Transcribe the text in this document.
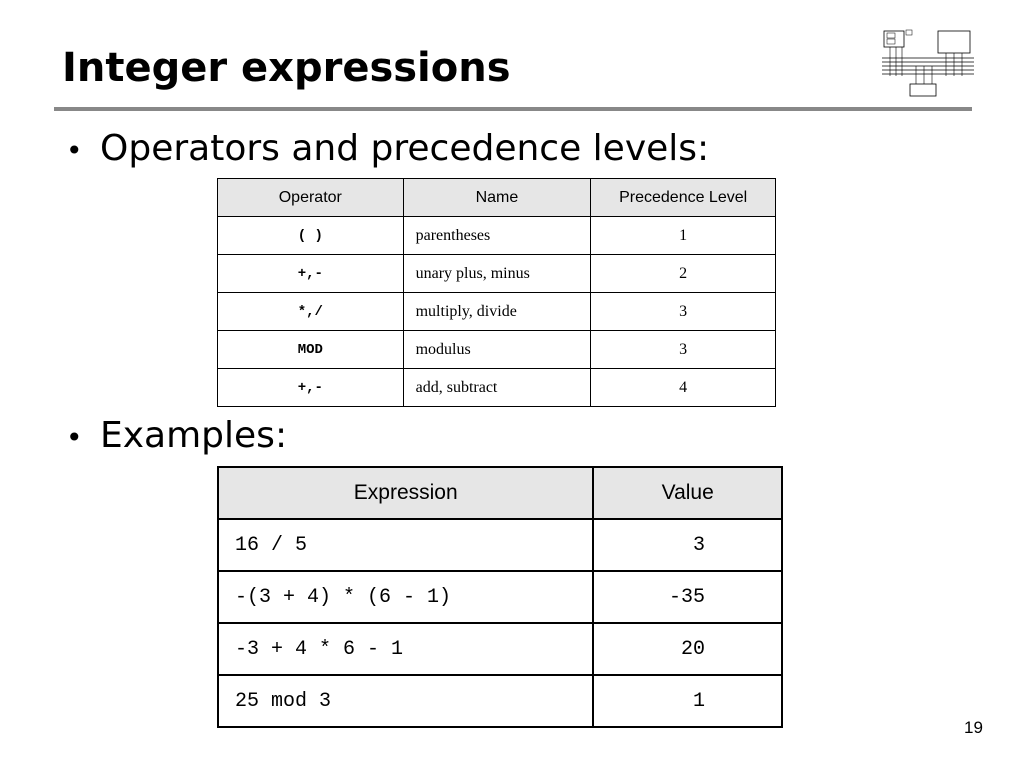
Integer expressions
• Operators and precedence levels:
Operator	Name	Precedence Level
( )	parentheses	1
+,-	unary plus, minus	2
*,/	multiply, divide	3
MOD	modulus	3
+,-	add, subtract	4
• Examples:
Expression	Value
16 / 5	3
-(3 + 4) * (6 - 1)	-35
-3 + 4 * 6 - 1	20
25 mod 3	1
19
